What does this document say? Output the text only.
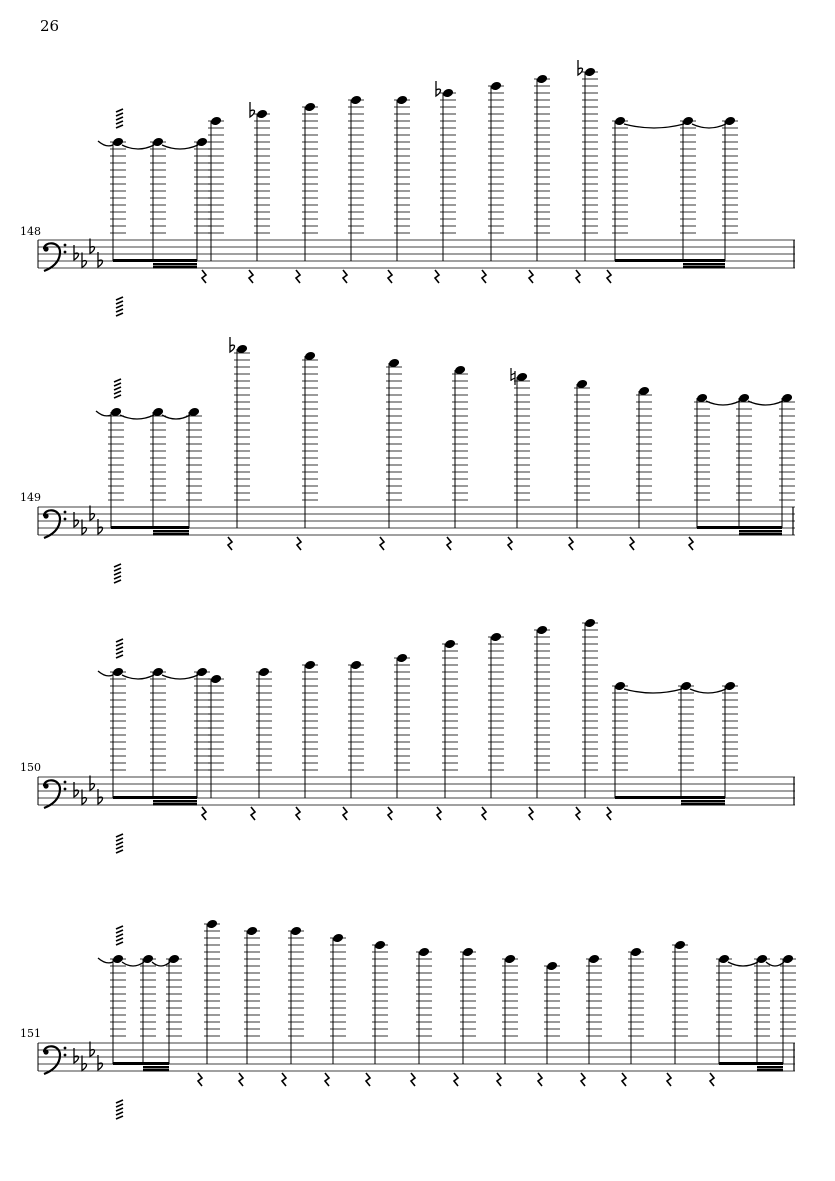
26
148
149
150
151
